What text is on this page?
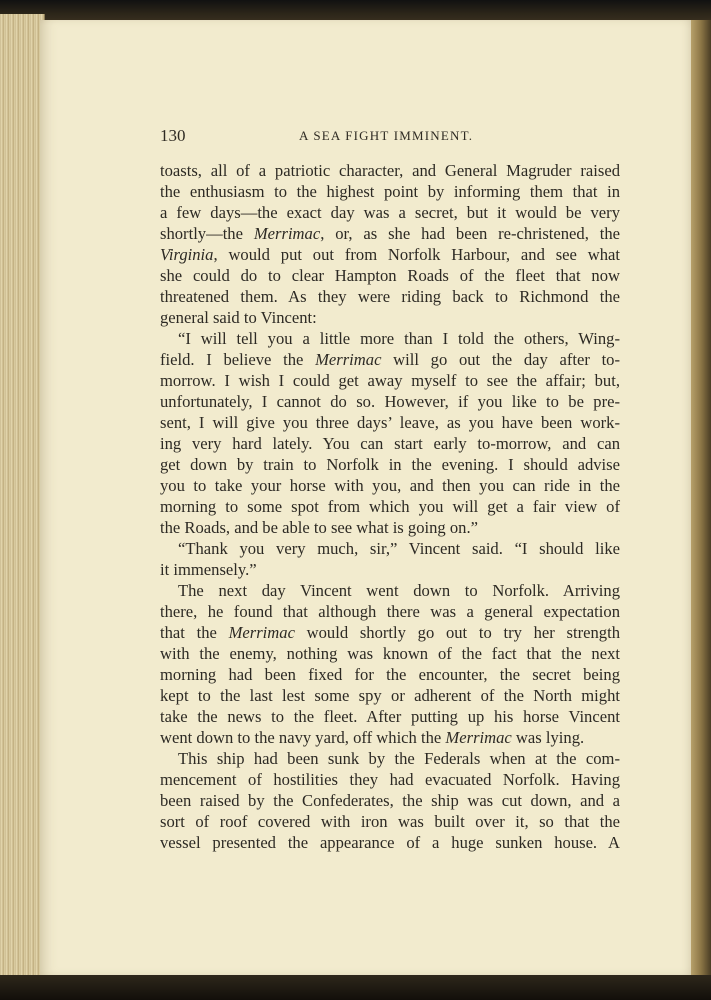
130	A SEA FIGHT IMMINENT.
toasts, all of a patriotic character, and General Magruder raised
the enthusiasm to the highest point by informing them that in
a few days—the exact day was a secret, but it would be very
shortly—the Merrimac, or, as she had been re-christened, the
Virginia, would put out from Norfolk Harbour, and see what
she could do to clear Hampton Roads of the fleet that now
threatened them. As they were riding back to Richmond the
general said to Vincent:
“I will tell you a little more than I told the others, Wing-
field. I believe the Merrimac will go out the day after to-
morrow. I wish I could get away myself to see the affair; but,
unfortunately, I cannot do so. However, if you like to be pre-
sent, I will give you three days’ leave, as you have been work-
ing very hard lately. You can start early to-morrow, and can
get down by train to Norfolk in the evening. I should advise
you to take your horse with you, and then you can ride in the
morning to some spot from which you will get a fair view of
the Roads, and be able to see what is going on.”
“Thank you very much, sir,” Vincent said. “I should like
it immensely.”
The next day Vincent went down to Norfolk. Arriving
there, he found that although there was a general expectation
that the Merrimac would shortly go out to try her strength
with the enemy, nothing was known of the fact that the next
morning had been fixed for the encounter, the secret being
kept to the last lest some spy or adherent of the North might
take the news to the fleet. After putting up his horse Vincent
went down to the navy yard, off which the Merrimac was lying.
This ship had been sunk by the Federals when at the com-
mencement of hostilities they had evacuated Norfolk. Having
been raised by the Confederates, the ship was cut down, and a
sort of roof covered with iron was built over it, so that the
vessel presented the appearance of a huge sunken house. A
